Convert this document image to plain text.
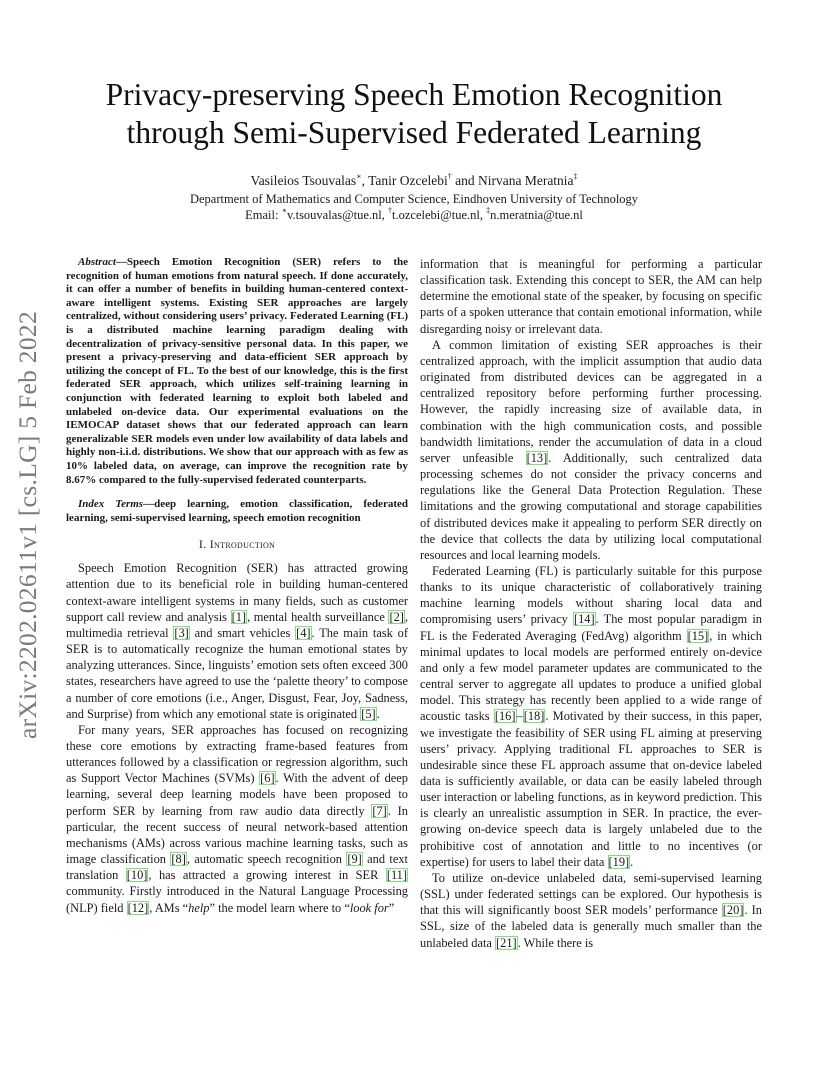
arXiv:2202.02611v1 [cs.LG] 5 Feb 2022
Privacy-preserving Speech Emotion Recognition
through Semi-Supervised Federated Learning
Vasileios Tsouvalas∗, Tanir Ozcelebi† and Nirvana Meratnia‡
Department of Mathematics and Computer Science, Eindhoven University of Technology
Email: ∗v.tsouvalas@tue.nl, †t.ozcelebi@tue.nl, ‡n.meratnia@tue.nl

Abstract—Speech Emotion Recognition (SER) refers to the recognition of human emotions from natural speech. If done accurately, it can offer a number of benefits in building human-centered context-aware intelligent systems. Existing SER approaches are largely centralized, without considering users’ privacy. Federated Learning (FL) is a distributed machine learning paradigm dealing with decentralization of privacy-sensitive personal data. In this paper, we present a privacy-preserving and data-efficient SER approach by utilizing the concept of FL. To the best of our knowledge, this is the first federated SER approach, which utilizes self-training learning in conjunction with federated learning to exploit both labeled and unlabeled on-device data. Our experimental evaluations on the IEMOCAP dataset shows that our federated approach can learn generalizable SER models even under low availability of data labels and highly non-i.i.d. distributions. We show that our approach with as few as 10% labeled data, on average, can improve the recognition rate by 8.67% compared to the fully-supervised federated counterparts.

Index Terms—deep learning, emotion classification, federated learning, semi-supervised learning, speech emotion recognition

I. Introduction

Speech Emotion Recognition (SER) has attracted growing attention due to its beneficial role in building human-centered context-aware intelligent systems in many fields, such as customer support call review and analysis [1], mental health surveillance [2], multimedia retrieval [3] and smart vehicles [4]. The main task of SER is to automatically recognize the human emotional states by analyzing utterances. Since, linguists’ emotion sets often exceed 300 states, researchers have agreed to use the ‘palette theory’ to compose a number of core emotions (i.e., Anger, Disgust, Fear, Joy, Sadness, and Surprise) from which any emotional state is originated [5].

For many years, SER approaches has focused on recognizing these core emotions by extracting frame-based features from utterances followed by a classification or regression algorithm, such as Support Vector Machines (SVMs) [6]. With the advent of deep learning, several deep learning models have been proposed to perform SER by learning from raw audio data directly [7]. In particular, the recent success of neural network-based attention mechanisms (AMs) across various machine learning tasks, such as image classification [8], automatic speech recognition [9] and text translation [10], has attracted a growing interest in SER [11] community. Firstly introduced in the Natural Language Processing (NLP) field [12], AMs “help” the model learn where to “look for”

information that is meaningful for performing a particular classification task. Extending this concept to SER, the AM can help determine the emotional state of the speaker, by focusing on specific parts of a spoken utterance that contain emotional information, while disregarding noisy or irrelevant data.

A common limitation of existing SER approaches is their centralized approach, with the implicit assumption that audio data originated from distributed devices can be aggregated in a centralized repository before performing further processing. However, the rapidly increasing size of available data, in combination with the high communication costs, and possible bandwidth limitations, render the accumulation of data in a cloud server unfeasible [13]. Additionally, such centralized data processing schemes do not consider the privacy concerns and regulations like the General Data Protection Regulation. These limitations and the growing computational and storage capabilities of distributed devices make it appealing to perform SER directly on the device that collects the data by utilizing local computational resources and local learning models.

Federated Learning (FL) is particularly suitable for this purpose thanks to its unique characteristic of collaboratively training machine learning models without sharing local data and compromising users’ privacy [14]. The most popular paradigm in FL is the Federated Averaging (FedAvg) algorithm [15], in which minimal updates to local models are performed entirely on-device and only a few model parameter updates are communicated to the central server to aggregate all updates to produce a unified global model. This strategy has recently been applied to a wide range of acoustic tasks [16]–[18]. Motivated by their success, in this paper, we investigate the feasibility of SER using FL aiming at preserving users’ privacy. Applying traditional FL approaches to SER is undesirable since these FL approach assume that on-device labeled data is sufficiently available, or data can be easily labeled through user interaction or labeling functions, as in keyword prediction. This is clearly an unrealistic assumption in SER. In practice, the ever-growing on-device speech data is largely unlabeled due to the prohibitive cost of annotation and little to no incentives (or expertise) for users to label their data [19].

To utilize on-device unlabeled data, semi-supervised learning (SSL) under federated settings can be explored. Our hypothesis is that this will significantly boost SER models’ performance [20]. In SSL, size of the labeled data is generally much smaller than the unlabeled data [21]. While there is
